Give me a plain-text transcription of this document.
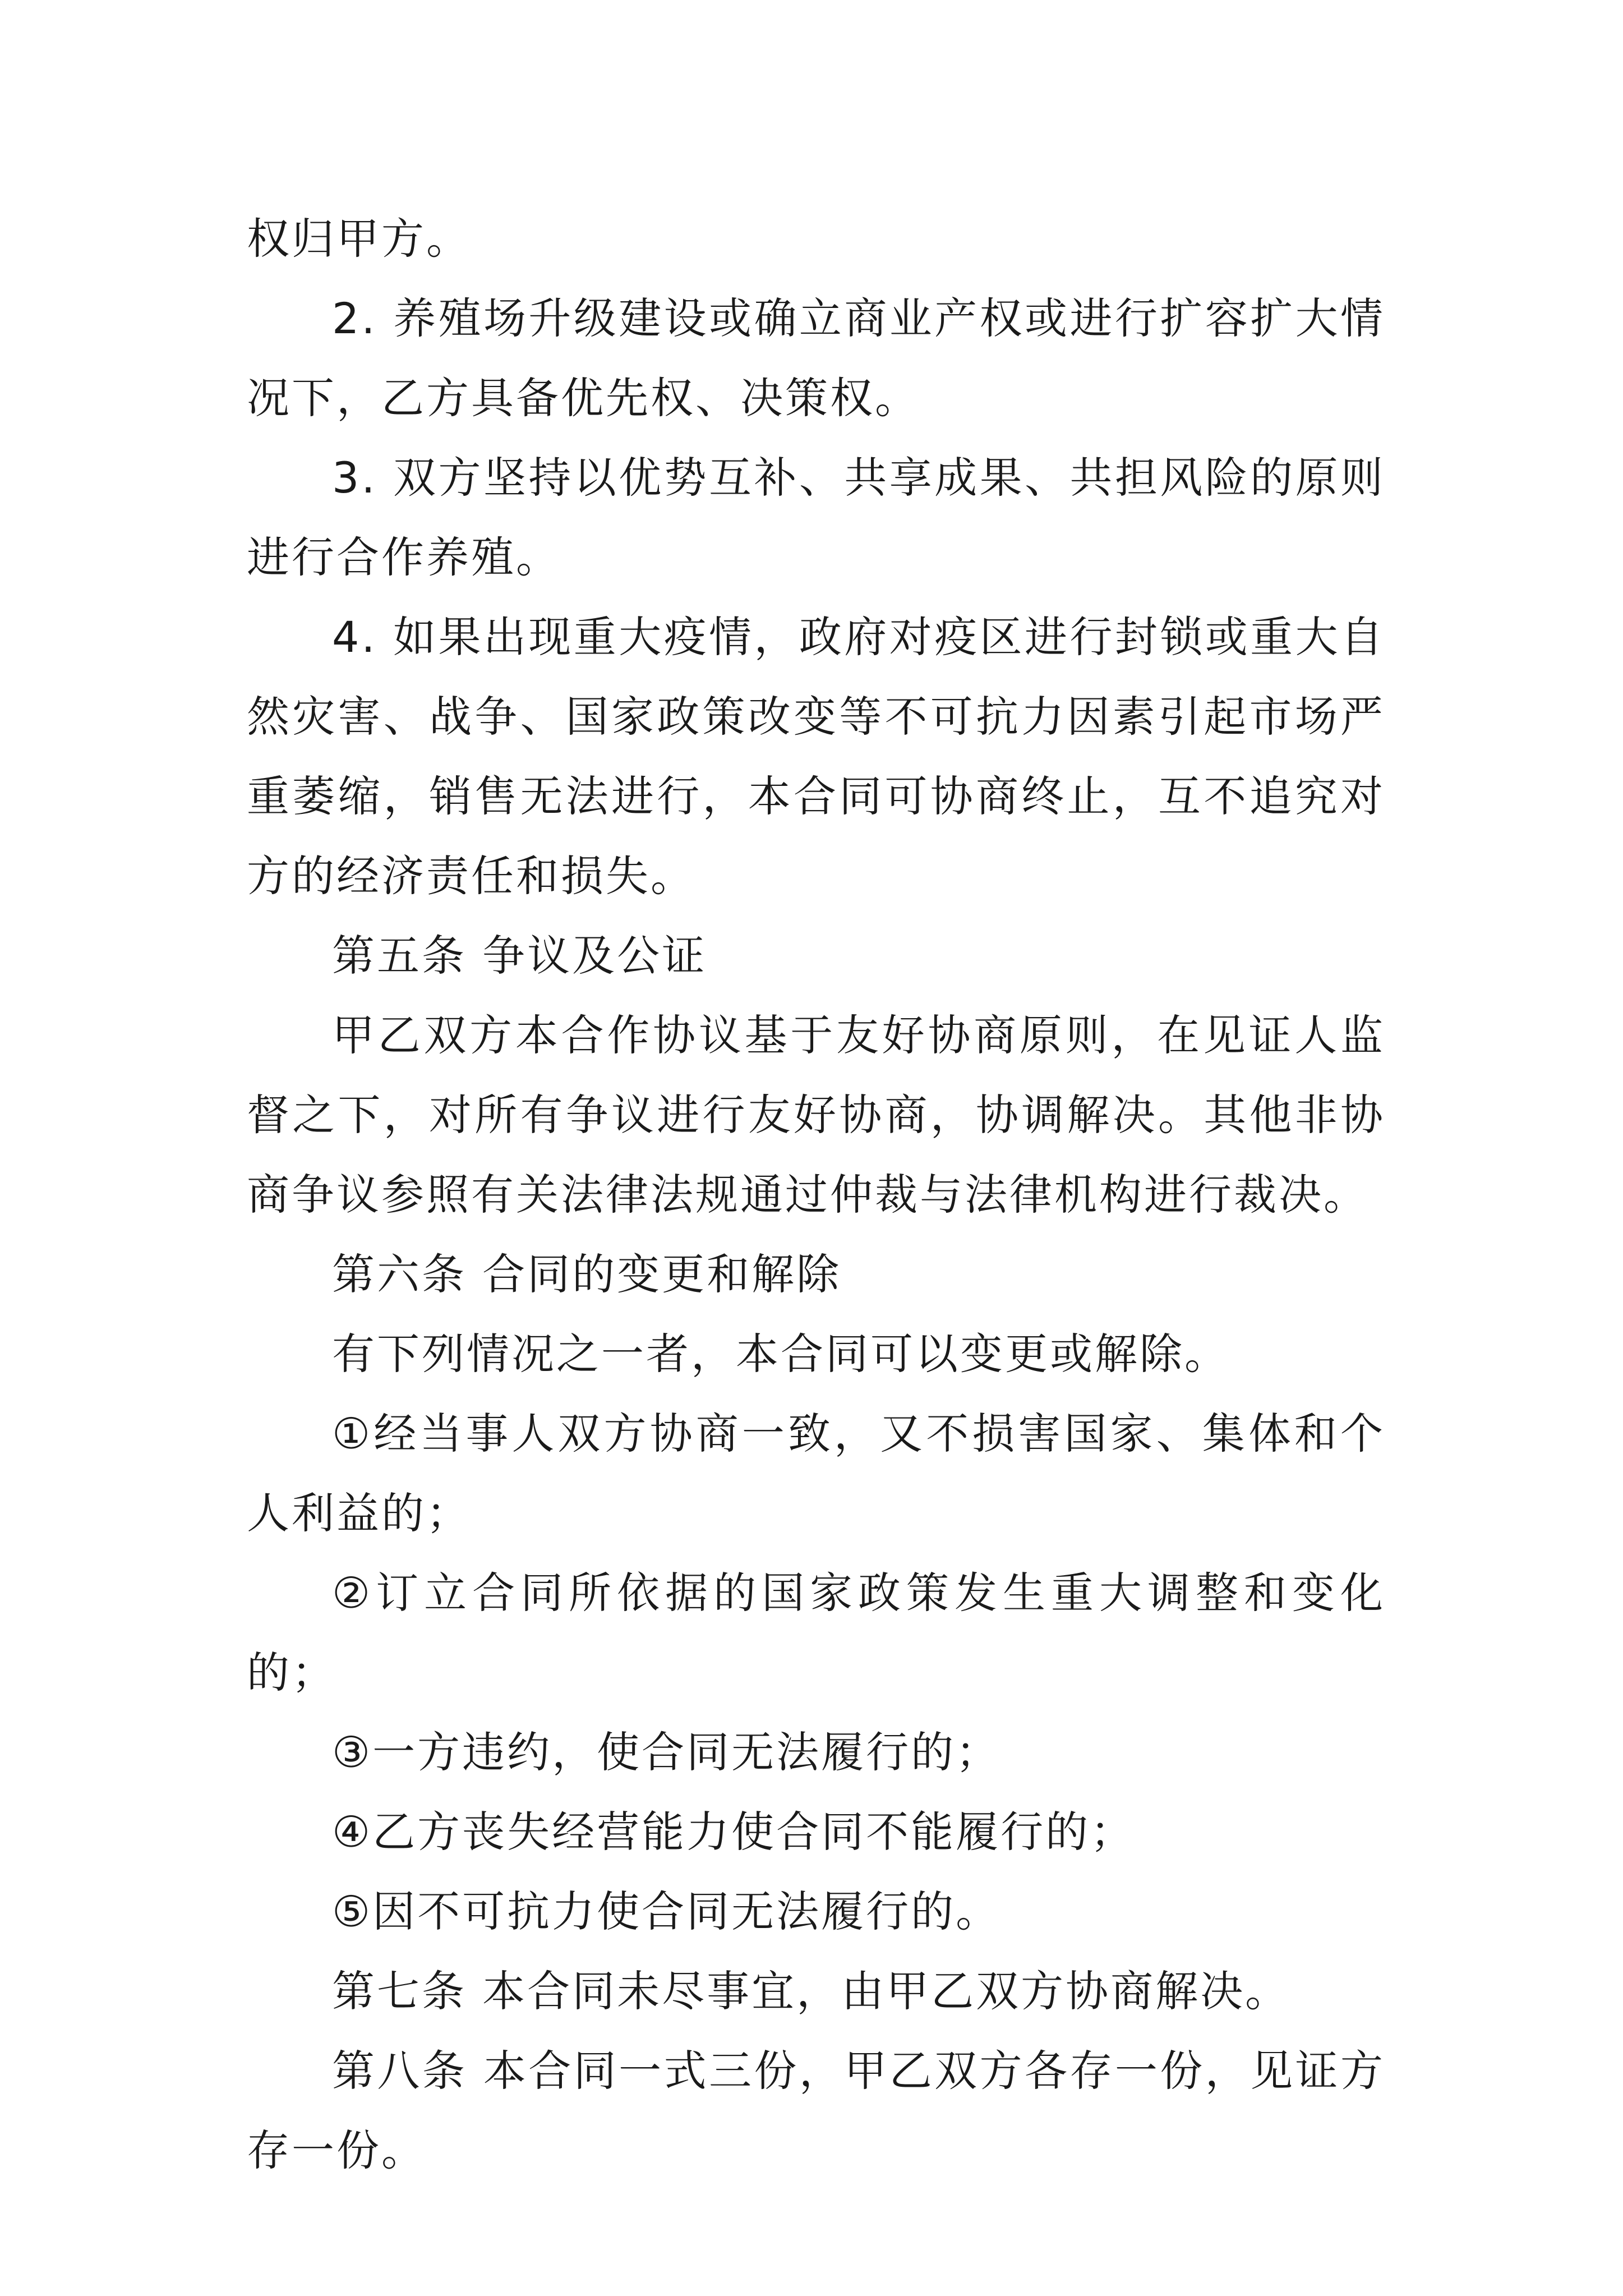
权归甲方。

2. 养殖场升级建设或确立商业产权或进行扩容扩大情况下，乙方具备优先权、决策权。

3. 双方坚持以优势互补、共享成果、共担风险的原则进行合作养殖。

4. 如果出现重大疫情，政府对疫区进行封锁或重大自然灾害、战争、国家政策改变等不可抗力因素引起市场严重萎缩，销售无法进行，本合同可协商终止，互不追究对方的经济责任和损失。

第五条 争议及公证

甲乙双方本合作协议基于友好协商原则，在见证人监督之下，对所有争议进行友好协商，协调解决。其他非协商争议参照有关法律法规通过仲裁与法律机构进行裁决。

第六条 合同的变更和解除

有下列情况之一者，本合同可以变更或解除。

①经当事人双方协商一致，又不损害国家、集体和个人利益的；

②订立合同所依据的国家政策发生重大调整和变化的；

③一方违约，使合同无法履行的；

④乙方丧失经营能力使合同不能履行的；

⑤因不可抗力使合同无法履行的。

第七条 本合同未尽事宜，由甲乙双方协商解决。

第八条 本合同一式三份，甲乙双方各存一份，见证方存一份。
